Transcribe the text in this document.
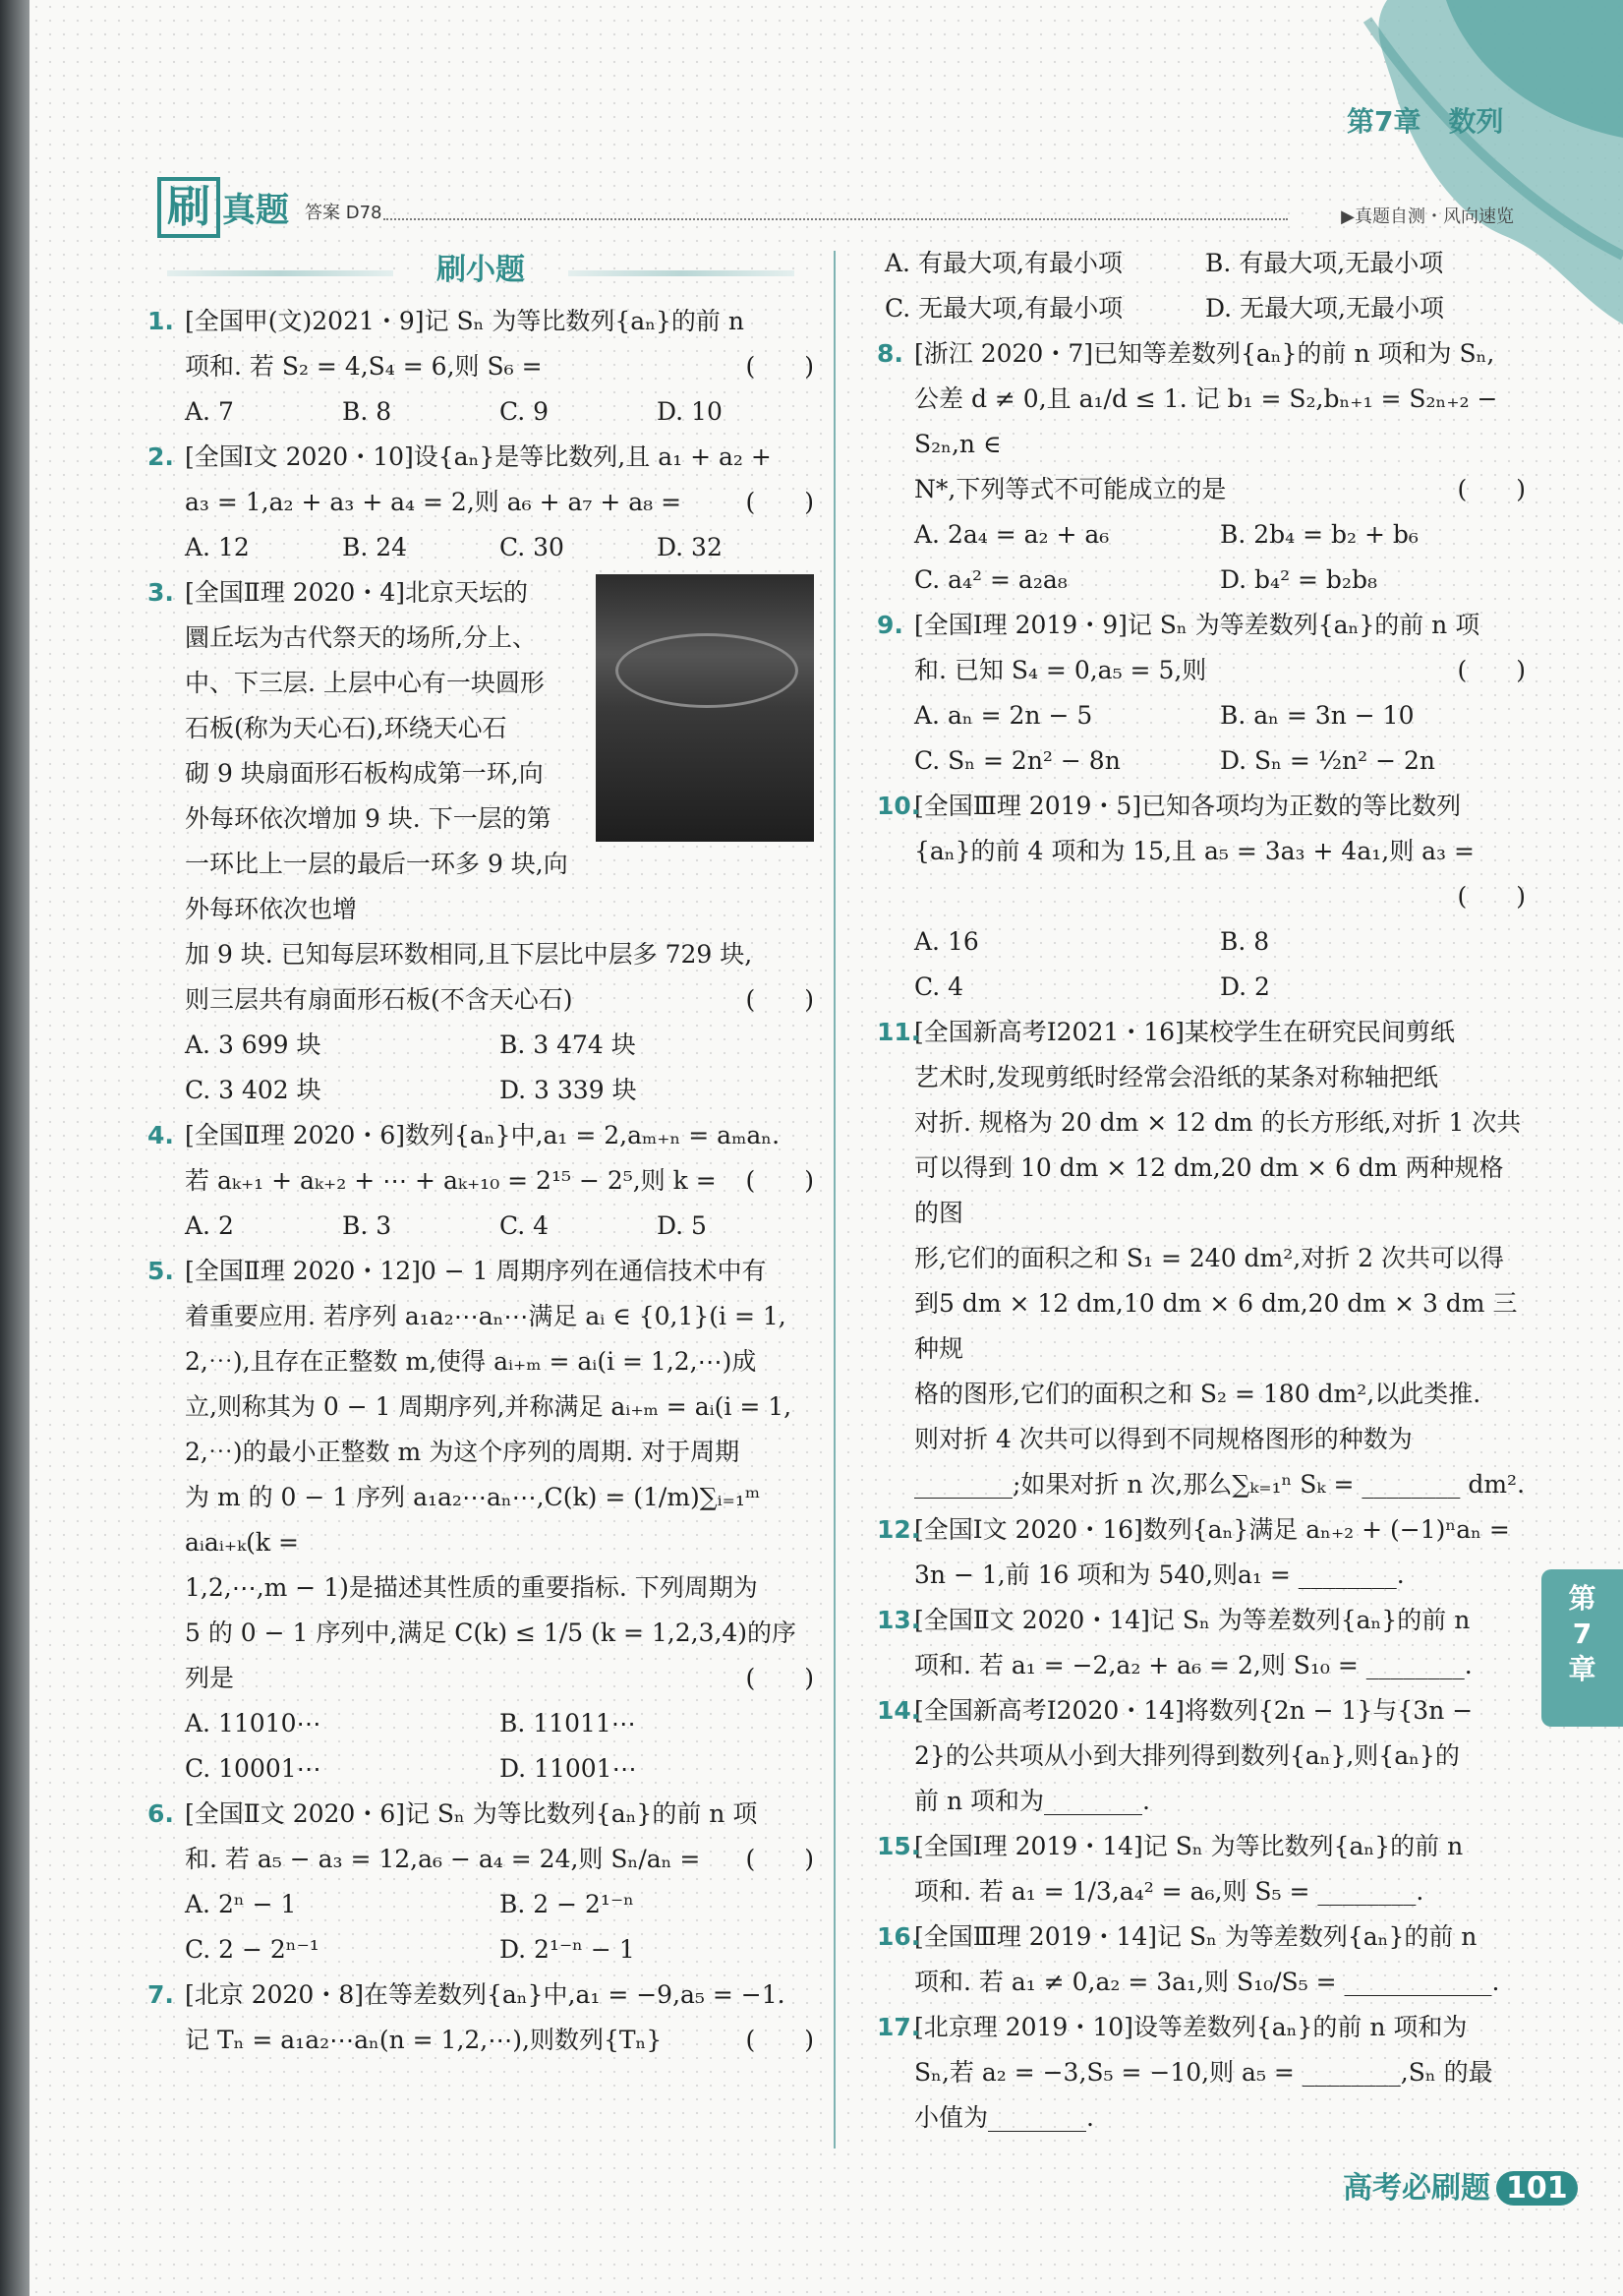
第7章　数列
刷 真题 答案 D78	▶真题自测・风向速览
刷小题
1. [全国甲(文)2021・9]记 Sₙ 为等比数列{aₙ}的前 n
项和. 若 S₂ = 4,S₄ = 6,则 S₆ =	(　　)
A. 7	B. 8	C. 9	D. 10
2. [全国Ⅰ文 2020・10]设{aₙ}是等比数列,且 a₁ + a₂ +
a₃ = 1,a₂ + a₃ + a₄ = 2,则 a₆ + a₇ + a₈ =	(　　)
A. 12	B. 24	C. 30	D. 32
3. [全国Ⅱ理 2020・4]北京天坛的
圜丘坛为古代祭天的场所,分上、
中、下三层. 上层中心有一块圆形
石板(称为天心石),环绕天心石
砌 9 块扇面形石板构成第一环,向
外每环依次增加 9 块. 下一层的第
一环比上一层的最后一环多 9 块,向外每环依次也增
加 9 块. 已知每层环数相同,且下层比中层多 729 块,
则三层共有扇面形石板(不含天心石)	(　　)
A. 3 699 块	B. 3 474 块
C. 3 402 块	D. 3 339 块
4. [全国Ⅱ理 2020・6]数列{aₙ}中,a₁ = 2,aₘ₊ₙ = aₘaₙ.
若 aₖ₊₁ + aₖ₊₂ + ⋯ + aₖ₊₁₀ = 2¹⁵ − 2⁵,则 k = (　　)
A. 2	B. 3	C. 4	D. 5
5. [全国Ⅱ理 2020・12]0 − 1 周期序列在通信技术中有
着重要应用. 若序列 a₁a₂⋯aₙ⋯满足 aᵢ ∈ {0,1}(i = 1,
2,⋯),且存在正整数 m,使得 aᵢ₊ₘ = aᵢ(i = 1,2,⋯)成
立,则称其为 0 − 1 周期序列,并称满足 aᵢ₊ₘ = aᵢ(i = 1,
2,⋯)的最小正整数 m 为这个序列的周期. 对于周期
为 m 的 0 − 1 序列 a₁a₂⋯aₙ⋯,C(k) = (1/m)∑ᵢ₌₁ᵐ aᵢaᵢ₊ₖ(k =
1,2,⋯,m − 1)是描述其性质的重要指标. 下列周期为
5 的 0 − 1 序列中,满足 C(k) ≤ 1/5 (k = 1,2,3,4)的序
列是	(　　)
A. 11010⋯	B. 11011⋯
C. 10001⋯	D. 11001⋯
6. [全国Ⅱ文 2020・6]记 Sₙ 为等比数列{aₙ}的前 n 项
和. 若 a₅ − a₃ = 12,a₆ − a₄ = 24,则 Sₙ/aₙ = (　　)
A. 2ⁿ − 1	B. 2 − 2¹⁻ⁿ
C. 2 − 2ⁿ⁻¹	D. 2¹⁻ⁿ − 1
7. [北京 2020・8]在等差数列{aₙ}中,a₁ = −9,a₅ = −1.
记 Tₙ = a₁a₂⋯aₙ(n = 1,2,⋯),则数列{Tₙ}	(　　)
A. 有最大项,有最小项	B. 有最大项,无最小项
C. 无最大项,有最小项	D. 无最大项,无最小项
8. [浙江 2020・7]已知等差数列{aₙ}的前 n 项和为 Sₙ,
公差 d ≠ 0,且 a₁/d ≤ 1. 记 b₁ = S₂,bₙ₊₁ = S₂ₙ₊₂ − S₂ₙ,n ∈
N*,下列等式不可能成立的是	(　　)
A. 2a₄ = a₂ + a₆	B. 2b₄ = b₂ + b₆
C. a₄² = a₂a₈	D. b₄² = b₂b₈
9. [全国Ⅰ理 2019・9]记 Sₙ 为等差数列{aₙ}的前 n 项
和. 已知 S₄ = 0,a₅ = 5,则	(　　)
A. aₙ = 2n − 5	B. aₙ = 3n − 10
C. Sₙ = 2n² − 8n	D. Sₙ = ½n² − 2n
10.
[全国Ⅲ理 2019・5]已知各项均为正数的等比数列
{aₙ}的前 4 项和为 15,且 a₅ = 3a₃ + 4a₁,则 a₃ =
(　　)
A. 16	B. 8
C. 4	D. 2
11.
[全国新高考Ⅰ2021・16]某校学生在研究民间剪纸
艺术时,发现剪纸时经常会沿纸的某条对称轴把纸
对折. 规格为 20 dm × 12 dm 的长方形纸,对折 1 次共
可以得到 10 dm × 12 dm,20 dm × 6 dm 两种规格的图
形,它们的面积之和 S₁ = 240 dm²,对折 2 次共可以得
到5 dm × 12 dm,10 dm × 6 dm,20 dm × 3 dm 三种规
格的图形,它们的面积之和 S₂ = 180 dm²,以此类推.
则对折 4 次共可以得到不同规格图形的种数为
________;如果对折 n 次,那么∑ₖ₌₁ⁿ Sₖ = ________ dm².
12.
[全国Ⅰ文 2020・16]数列{aₙ}满足 aₙ₊₂ + (−1)ⁿaₙ =
3n − 1,前 16 项和为 540,则a₁ = ________.
13.
[全国Ⅱ文 2020・14]记 Sₙ 为等差数列{aₙ}的前 n
项和. 若 a₁ = −2,a₂ + a₆ = 2,则 S₁₀ = ________.
14.
[全国新高考Ⅰ2020・14]将数列{2n − 1}与{3n −
2}的公共项从小到大排列得到数列{aₙ},则{aₙ}的
前 n 项和为________.
15.
[全国Ⅰ理 2019・14]记 Sₙ 为等比数列{aₙ}的前 n
项和. 若 a₁ = 1/3,a₄² = a₆,则 S₅ = ________.
16.
[全国Ⅲ理 2019・14]记 Sₙ 为等差数列{aₙ}的前 n
项和. 若 a₁ ≠ 0,a₂ = 3a₁,则 S₁₀/S₅ = ____________.
17.
[北京理 2019・10]设等差数列{aₙ}的前 n 项和为
Sₙ,若 a₂ = −3,S₅ = −10,则 a₅ = ________,Sₙ 的最
小值为________.
第
7
章
高考必刷题 101
